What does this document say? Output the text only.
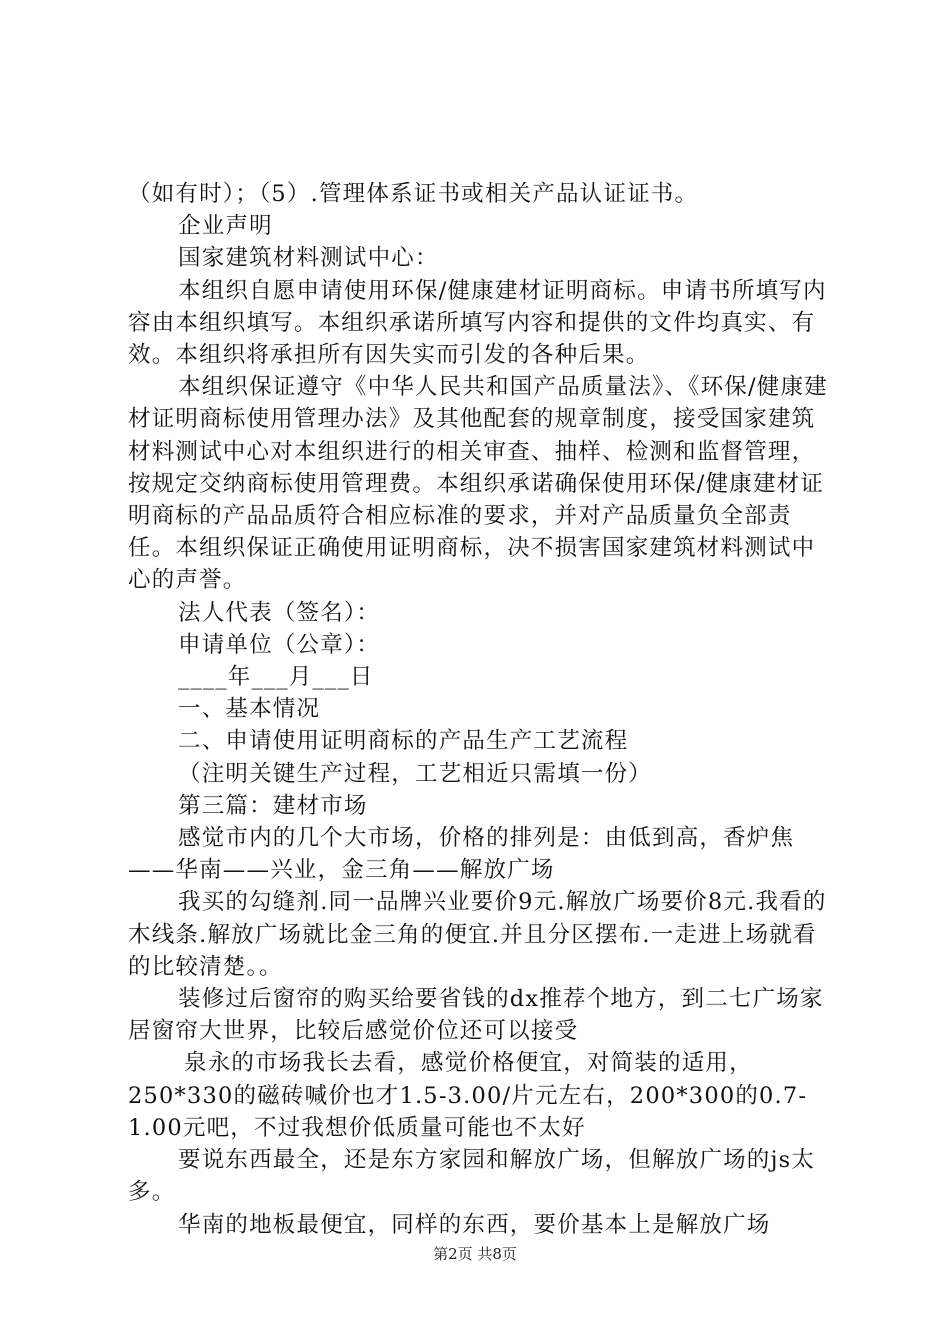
（如有时）；（5）.管理体系证书或相关产品认证证书。

企业声明

国家建筑材料测试中心：

本组织自愿申请使用环保/健康建材证明商标。申请书所填写内容由本组织填写。本组织承诺所填写内容和提供的文件均真实、有效。本组织将承担所有因失实而引发的各种后果。

本组织保证遵守《中华人民共和国产品质量法》、《环保/健康建材证明商标使用管理办法》及其他配套的规章制度，接受国家建筑材料测试中心对本组织进行的相关审查、抽样、检测和监督管理，按规定交纳商标使用管理费。本组织承诺确保使用环保/健康建材证明商标的产品品质符合相应标准的要求，并对产品质量负全部责任。本组织保证正确使用证明商标，决不损害国家建筑材料测试中心的声誉。

法人代表（签名）：

申请单位（公章）：

____年___月___日

一、基本情况

二、申请使用证明商标的产品生产工艺流程

（注明关键生产过程，工艺相近只需填一份）

第三篇：建材市场

感觉市内的几个大市场，价格的排列是：由低到高，香炉焦——华南——兴业，金三角——解放广场

我买的勾缝剂.同一品牌兴业要价9元.解放广场要价8元.我看的木线条.解放广场就比金三角的便宜.并且分区摆布.一走进上场就看的比较清楚。。

装修过后窗帘的购买给要省钱的dx推荐个地方，到二七广场家居窗帘大世界，比较后感觉价位还可以接受

泉永的市场我长去看，感觉价格便宜，对简装的适用，250*330的磁砖喊价也才1.5-3.00/片元左右，200*300的0.7-1.00元吧，不过我想价低质量可能也不太好

要说东西最全，还是东方家园和解放广场，但解放广场的js太多。

华南的地板最便宜，同样的东西，要价基本上是解放广场

第2页 共8页
